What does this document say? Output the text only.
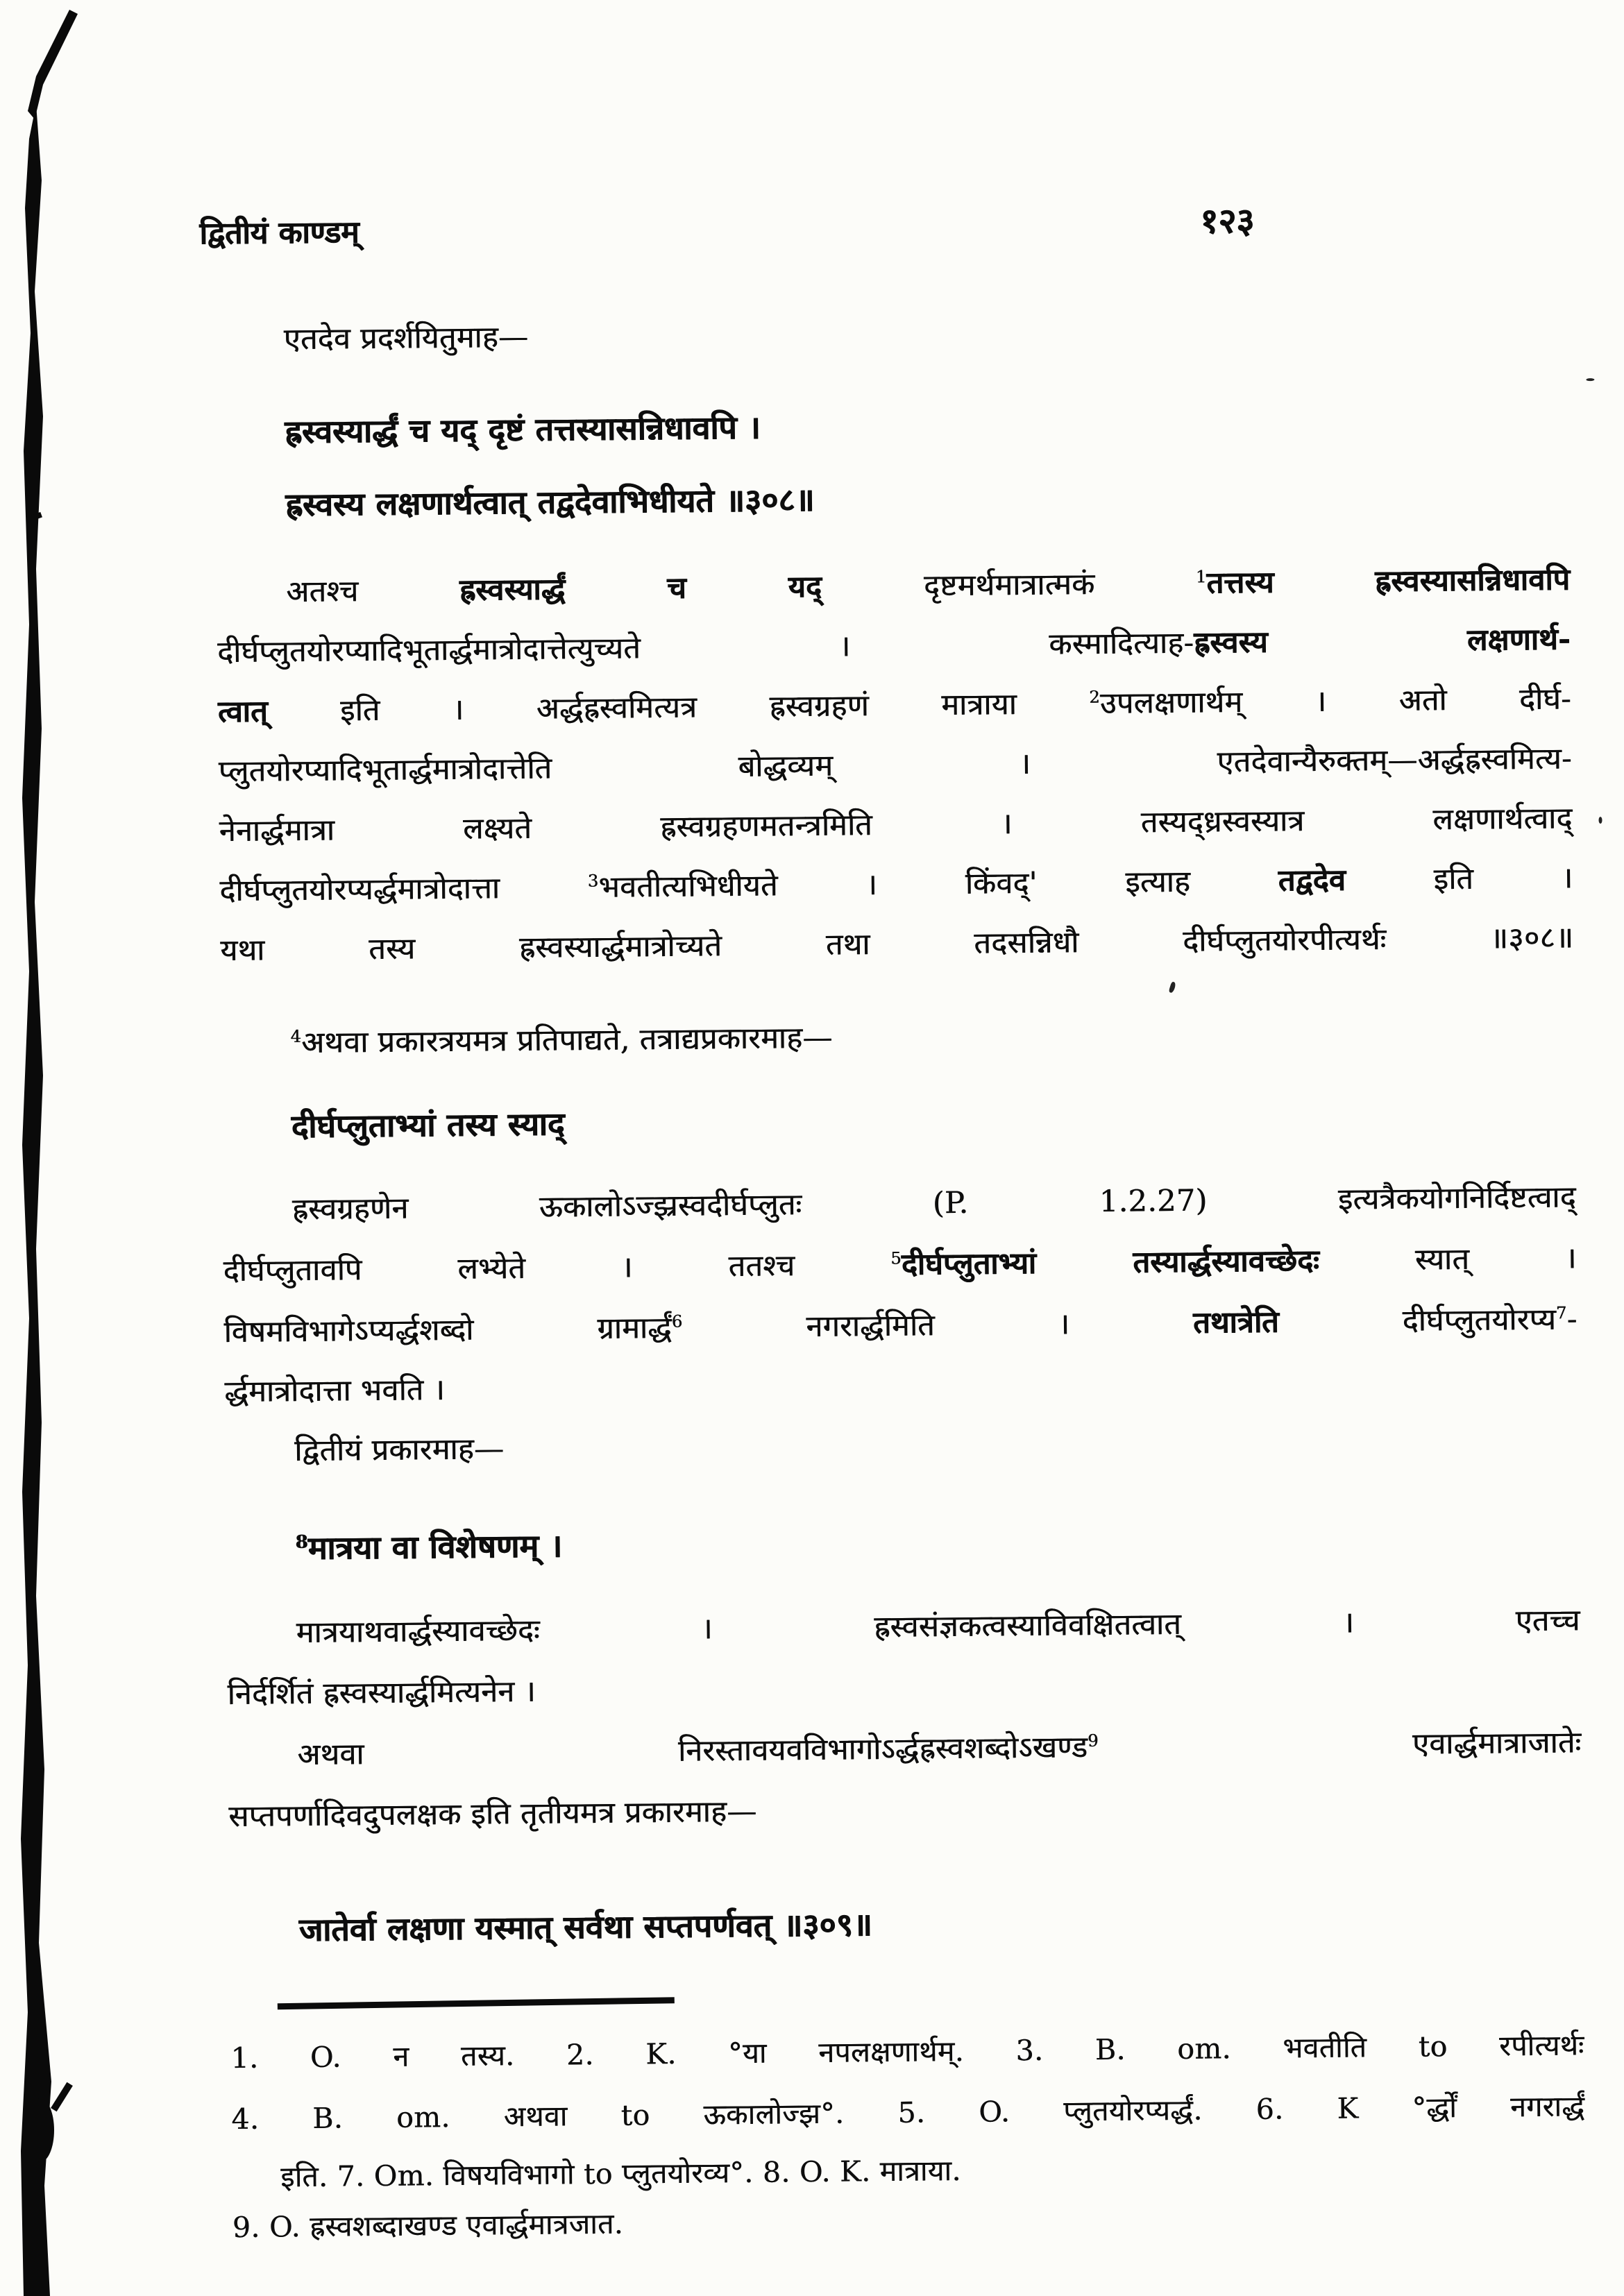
द्वितीयं काण्डम्	१२३
एतदेव प्रदर्शयितुमाह—
ह्रस्वस्यार्द्धं च यद् दृष्टं तत्तस्यासन्निधावपि ।
ह्रस्वस्य लक्षणार्थत्वात् तद्वदेवाभिधीयते ॥३०८॥
अतश्च ह्रस्वस्यार्द्धं च यद् दृष्टमर्थमात्रात्मकं $^1$तत्तस्य	ह्रस्वस्यासन्निधावपि
दीर्घप्लुतयोरप्यादिभूतार्द्धमात्रोदात्तेत्युच्यते । कस्मादित्याह-ह्रस्वस्य लक्षणार्थ-
त्वात् इति । अर्द्धह्रस्वमित्यत्र ह्रस्वग्रहणं मात्राया $^2$उपलक्षणार्थम् । अतो दीर्घ-
प्लुतयोरप्यादिभूतार्द्धमात्रोदात्तेति बोद्धव्यम् । एतदेवान्यैरुक्तम्—अर्द्धह्रस्वमित्य-
नेनार्द्धमात्रा लक्ष्यते ह्रस्वग्रहणमतन्त्रमिति । तस्यद्ध्रस्वस्यात्र लक्षणार्थत्वाद्
दीर्घप्लुतयोरप्यर्द्धमात्रोदात्ता $^3$भवतीत्यभिधीयते । किंवद्' इत्याह तद्वदेव इति ।
यथा तस्य ह्रस्वस्यार्द्धमात्रोच्यते तथा तदसन्निधौ दीर्घप्लुतयोरपीत्यर्थः ॥३०८॥
$^4$अथवा प्रकारत्रयमत्र प्रतिपाद्यते, तत्राद्यप्रकारमाह—
दीर्घप्लुताभ्यां तस्य स्याद्
ह्रस्वग्रहणेन ऊकालोऽज्झ्रस्वदीर्घप्लुतः (P. 1.2.27) इत्यत्रैकयोगनिर्दिष्टत्वाद्
दीर्घप्लुतावपि लभ्येते । ततश्च $^5$दीर्घप्लुताभ्यां तस्यार्द्धस्यावच्छेदः स्यात् ।
विषमविभागेऽप्यर्द्धशब्दो ग्रामार्द्धं$^6$ नगरार्द्धमिति । तथात्रेति दीर्घप्लुतयोरप्य$^7$-
र्द्धमात्रोदात्ता भवति ।
द्वितीयं प्रकारमाह—
$^8$मात्रया वा विशेषणम् ।
मात्रयाथवार्द्धस्यावच्छेदः । ह्रस्वसंज्ञकत्वस्याविवक्षितत्वात् । एतच्च
निर्दर्शितं ह्रस्वस्यार्द्धमित्यनेन ।
अथवा निरस्तावयवविभागोऽर्द्धह्रस्वशब्दोऽखण्ड$^9$ एवार्द्धमात्राजातेः
सप्तपर्णादिवदुपलक्षक इति तृतीयमत्र प्रकारमाह—
जातेर्वा लक्षणा यस्मात् सर्वथा सप्तपर्णवत् ॥३०९॥
1. O. न तस्य. 2. K. °या नपलक्षणार्थम्. 3. B. om. भवतीति to रपीत्यर्थः
4. B. om. अथवा to ऊकालोज्झ°. 5. O. प्लुतयोरप्यर्द्धं. 6. K °र्द्धों नगरार्द्धं
इति. 7. Om. विषयविभागो to प्लुतयोरव्य°. 8. O. K. मात्राया.
9. O. ह्रस्वशब्दाखण्ड एवार्द्धमात्रजात.
